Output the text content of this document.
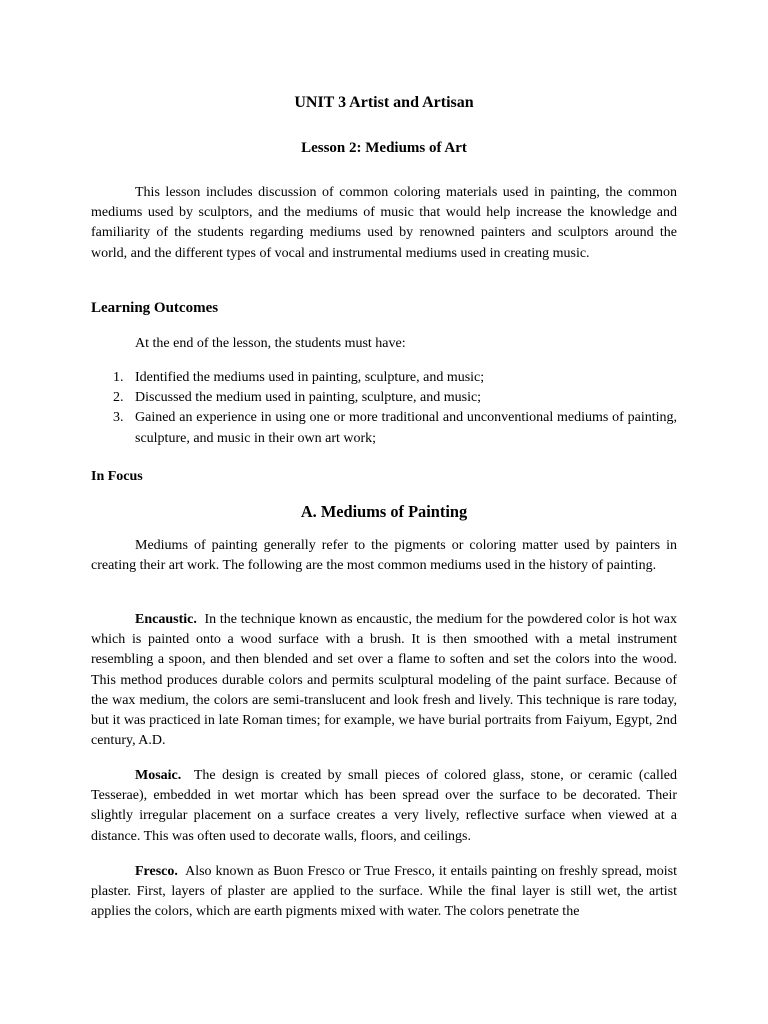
UNIT 3 Artist and Artisan
Lesson 2: Mediums of Art

This lesson includes discussion of common coloring materials used in painting, the common mediums used by sculptors, and the mediums of music that would help increase the knowledge and familiarity of the students regarding mediums used by renowned painters and sculptors around the world, and the different types of vocal and instrumental mediums used in creating music.

Learning Outcomes

At the end of the lesson, the students must have:

1. Identified the mediums used in painting, sculpture, and music;
2. Discussed the medium used in painting, sculpture, and music;
3. Gained an experience in using one or more traditional and unconventional mediums of painting, sculpture, and music in their own art work;
In Focus
A. Mediums of Painting

Mediums of painting generally refer to the pigments or coloring matter used by painters in creating their art work. The following are the most common mediums used in the history of painting.

Encaustic. In the technique known as encaustic, the medium for the powdered color is hot wax which is painted onto a wood surface with a brush. It is then smoothed with a metal instrument resembling a spoon, and then blended and set over a flame to soften and set the colors into the wood. This method produces durable colors and permits sculptural modeling of the paint surface. Because of the wax medium, the colors are semi-translucent and look fresh and lively. This technique is rare today, but it was practiced in late Roman times; for example, we have burial portraits from Faiyum, Egypt, 2nd century, A.D.

Mosaic. The design is created by small pieces of colored glass, stone, or ceramic (called Tesserae), embedded in wet mortar which has been spread over the surface to be decorated. Their slightly irregular placement on a surface creates a very lively, reflective surface when viewed at a distance. This was often used to decorate walls, floors, and ceilings.

Fresco. Also known as Buon Fresco or True Fresco, it entails painting on freshly spread, moist plaster. First, layers of plaster are applied to the surface. While the final layer is still wet, the artist applies the colors, which are earth pigments mixed with water. The colors penetrate the
